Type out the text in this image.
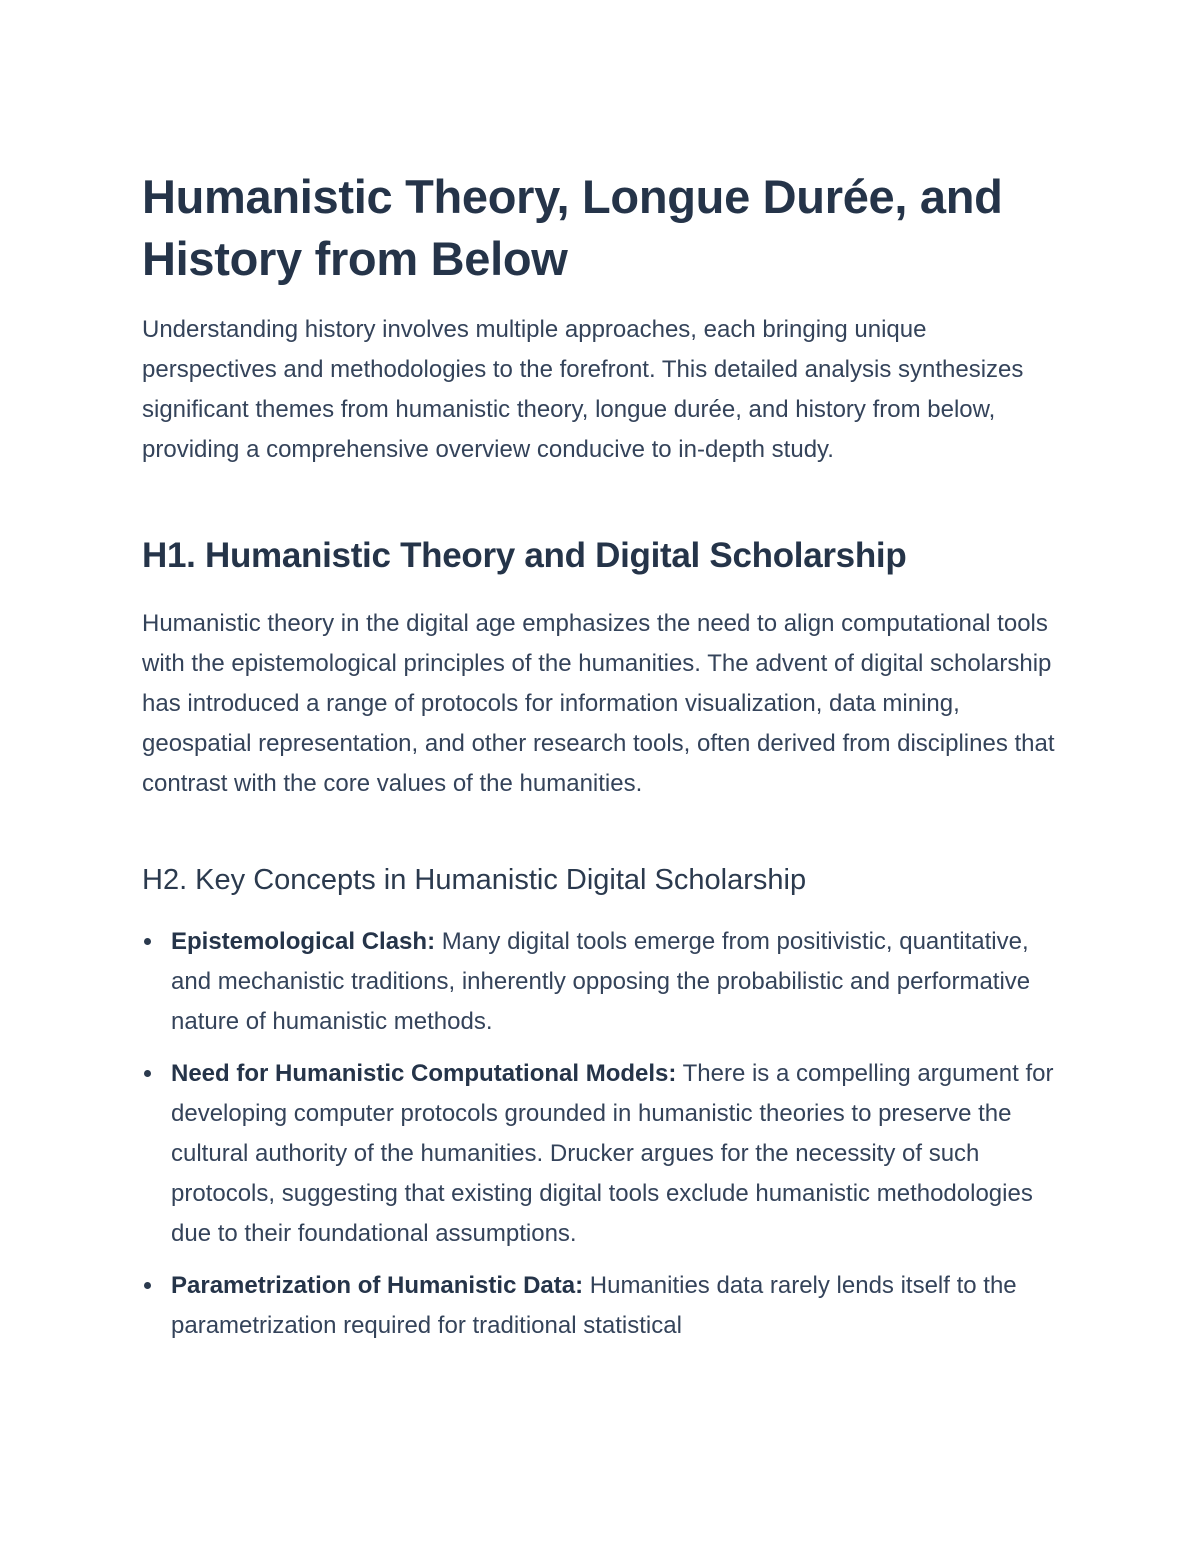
Humanistic Theory, Longue Durée, and History from Below

Understanding history involves multiple approaches, each bringing unique perspectives and methodologies to the forefront. This detailed analysis synthesizes significant themes from humanistic theory, longue durée, and history from below, providing a comprehensive overview conducive to in-depth study.

H1. Humanistic Theory and Digital Scholarship

Humanistic theory in the digital age emphasizes the need to align computational tools with the epistemological principles of the humanities. The advent of digital scholarship has introduced a range of protocols for information visualization, data mining, geospatial representation, and other research tools, often derived from disciplines that contrast with the core values of the humanities.

H2. Key Concepts in Humanistic Digital Scholarship
Epistemological Clash: Many digital tools emerge from positivistic, quantitative, and mechanistic traditions, inherently opposing the probabilistic and performative nature of humanistic methods.
Need for Humanistic Computational Models: There is a compelling argument for developing computer protocols grounded in humanistic theories to preserve the cultural authority of the humanities. Drucker argues for the necessity of such protocols, suggesting that existing digital tools exclude humanistic methodologies due to their foundational assumptions.
Parametrization of Humanistic Data: Humanities data rarely lends itself to the parametrization required for traditional statistical
